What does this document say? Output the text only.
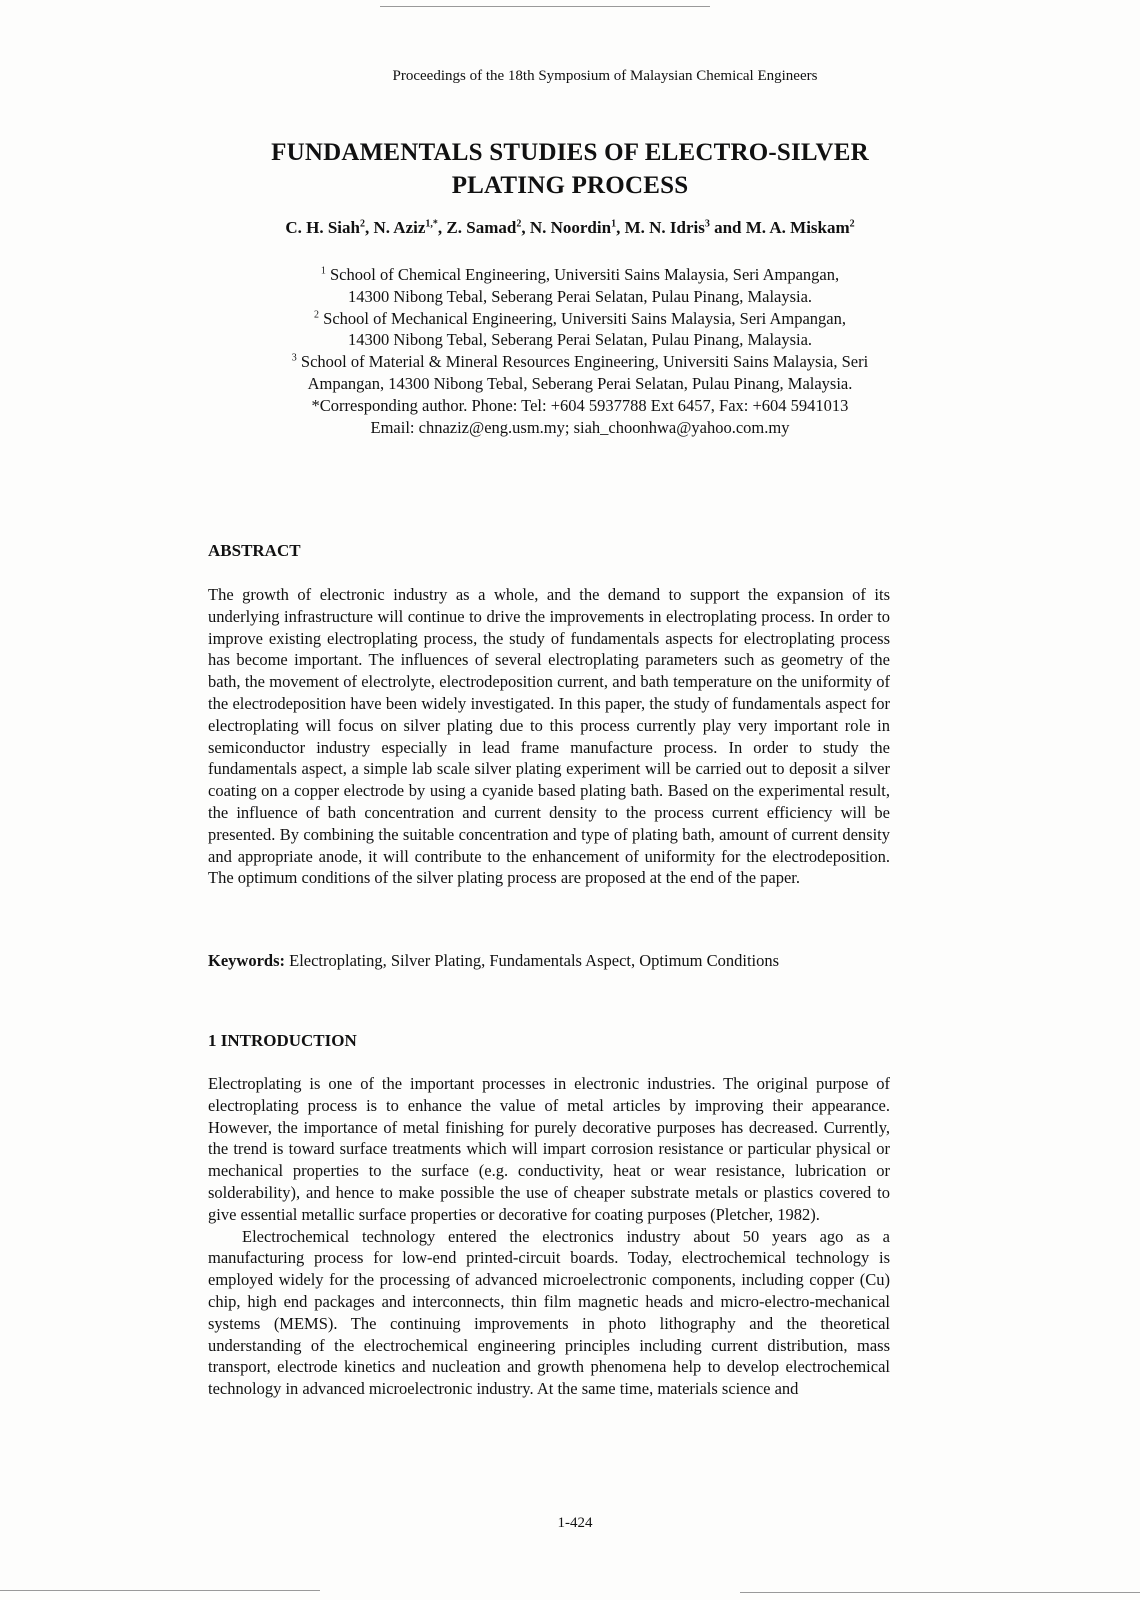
Proceedings of the 18th Symposium of Malaysian Chemical Engineers
FUNDAMENTALS STUDIES OF ELECTRO-SILVER
PLATING PROCESS
C. H. Siah$^2$, N. Aziz$^{1,*}$, Z. Samad$^2$, N. Noordin$^1$, M. N. Idris$^3$ and M. A. Miskam$^2$
$^1$ School of Chemical Engineering, Universiti Sains Malaysia, Seri Ampangan,
14300 Nibong Tebal, Seberang Perai Selatan, Pulau Pinang, Malaysia.
$^2$ School of Mechanical Engineering, Universiti Sains Malaysia, Seri Ampangan,
14300 Nibong Tebal, Seberang Perai Selatan, Pulau Pinang, Malaysia.
$^3$ School of Material & Mineral Resources Engineering, Universiti Sains Malaysia, Seri
Ampangan, 14300 Nibong Tebal, Seberang Perai Selatan, Pulau Pinang, Malaysia.
*Corresponding author. Phone: Tel: +604 5937788 Ext 6457, Fax: +604 5941013
Email: chnaziz@eng.usm.my; siah_choonhwa@yahoo.com.my
ABSTRACT

The growth of electronic industry as a whole, and the demand to support the expansion of its underlying infrastructure will continue to drive the improvements in electroplating process. In order to improve existing electroplating process, the study of fundamentals aspects for electroplating process has become important. The influences of several electroplating parameters such as geometry of the bath, the movement of electrolyte, electrodeposition current, and bath temperature on the uniformity of the electrodeposition have been widely investigated. In this paper, the study of fundamentals aspect for electroplating will focus on silver plating due to this process currently play very important role in semiconductor industry especially in lead frame manufacture process. In order to study the fundamentals aspect, a simple lab scale silver plating experiment will be carried out to deposit a silver coating on a copper electrode by using a cyanide based plating bath. Based on the experimental result, the influence of bath concentration and current density to the process current efficiency will be presented. By combining the suitable concentration and type of plating bath, amount of current density and appropriate anode, it will contribute to the enhancement of uniformity for the electrodeposition. The optimum conditions of the silver plating process are proposed at the end of the paper.

Keywords: Electroplating, Silver Plating, Fundamentals Aspect, Optimum Conditions
1 INTRODUCTION

Electroplating is one of the important processes in electronic industries. The original purpose of electroplating process is to enhance the value of metal articles by improving their appearance. However, the importance of metal finishing for purely decorative purposes has decreased. Currently, the trend is toward surface treatments which will impart corrosion resistance or particular physical or mechanical properties to the surface (e.g. conductivity, heat or wear resistance, lubrication or solderability), and hence to make possible the use of cheaper substrate metals or plastics covered to give essential metallic surface properties or decorative for coating purposes (Pletcher, 1982).

Electrochemical technology entered the electronics industry about 50 years ago as a manufacturing process for low-end printed-circuit boards. Today, electrochemical technology is employed widely for the processing of advanced microelectronic components, including copper (Cu) chip, high end packages and interconnects, thin film magnetic heads and micro-electro-mechanical systems (MEMS). The continuing improvements in photo lithography and the theoretical understanding of the electrochemical engineering principles including current distribution, mass transport, electrode kinetics and nucleation and growth phenomena help to develop electrochemical technology in advanced microelectronic industry. At the same time, materials science and

1-424
